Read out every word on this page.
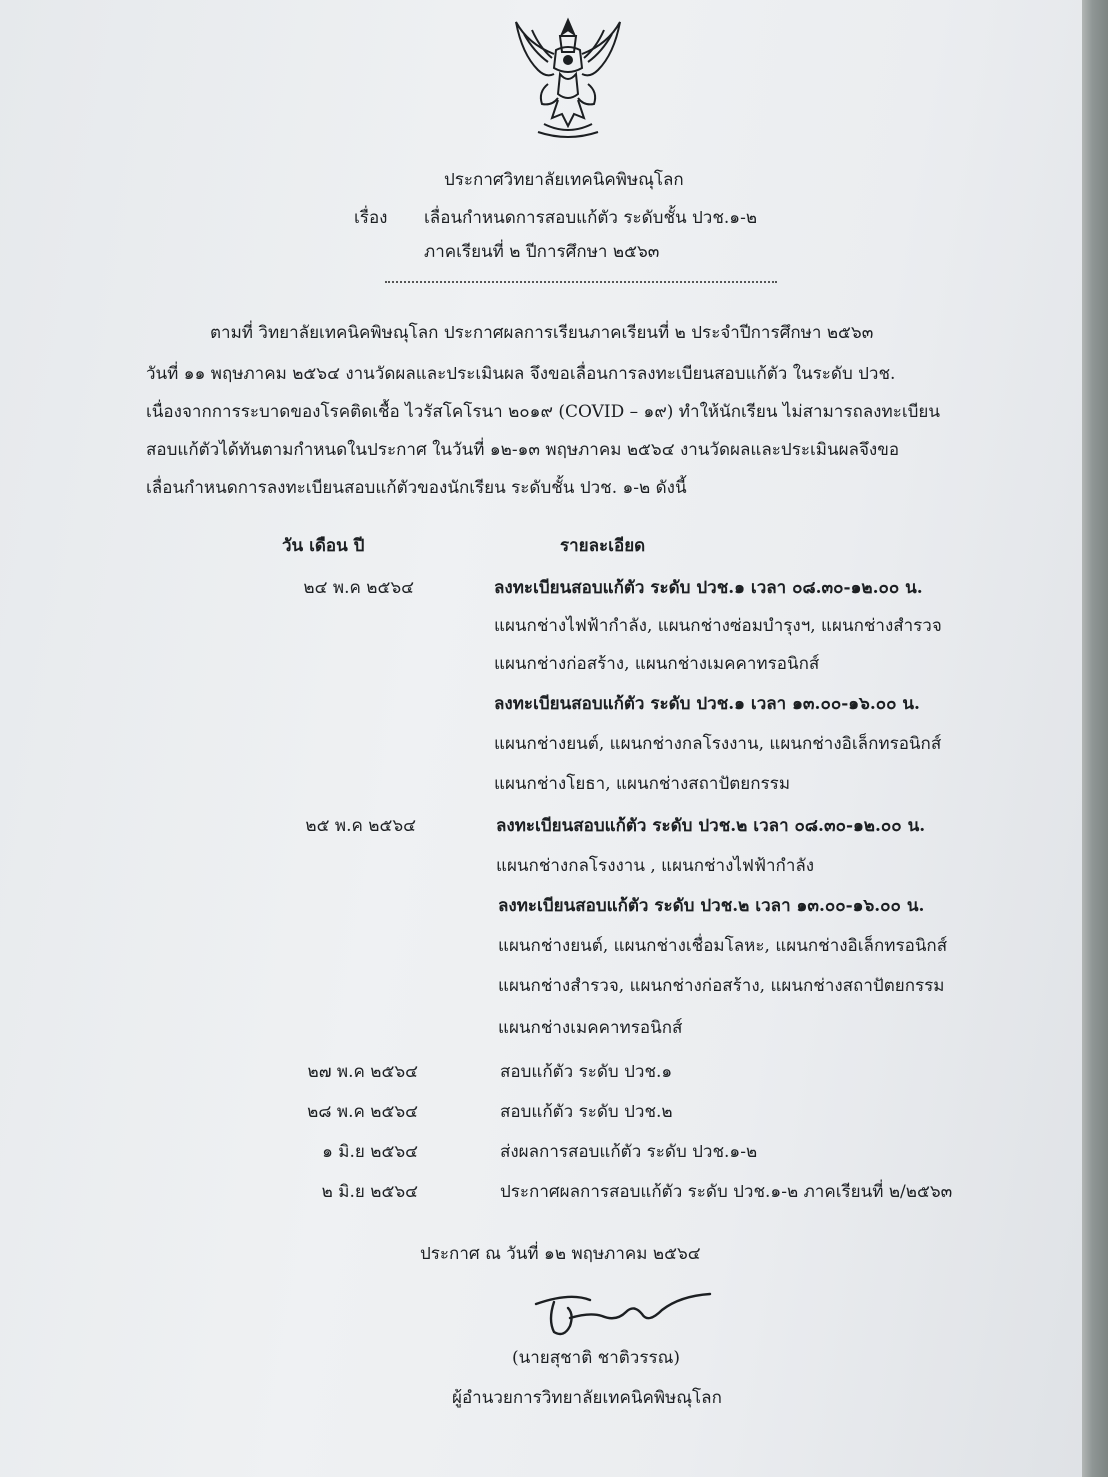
ประกาศวิทยาลัยเทคนิคพิษณุโลก
เรื่อง เลื่อนกำหนดการสอบแก้ตัว ระดับชั้น ปวช.๑-๒
ภาคเรียนที่ ๒ ปีการศึกษา ๒๕๖๓
ตามที่ วิทยาลัยเทคนิคพิษณุโลก ประกาศผลการเรียนภาคเรียนที่ ๒ ประจำปีการศึกษา ๒๕๖๓
วันที่ ๑๑ พฤษภาคม ๒๕๖๔ งานวัดผลและประเมินผล จึงขอเลื่อนการลงทะเบียนสอบแก้ตัว ในระดับ ปวช.
เนื่องจากการระบาดของโรคติดเชื้อ ไวรัสโคโรนา ๒๐๑๙ (COVID – ๑๙) ทำให้นักเรียน ไม่สามารถลงทะเบียน
สอบแก้ตัวได้ทันตามกำหนดในประกาศ ในวันที่ ๑๒-๑๓ พฤษภาคม ๒๕๖๔ งานวัดผลและประเมินผลจึงขอ
เลื่อนกำหนดการลงทะเบียนสอบแก้ตัวของนักเรียน ระดับชั้น ปวช. ๑-๒ ดังนี้
วัน เดือน ปี	รายละเอียด
๒๔ พ.ค ๒๕๖๔	ลงทะเบียนสอบแก้ตัว ระดับ ปวช.๑ เวลา ๐๘.๓๐-๑๒.๐๐ น.
แผนกช่างไฟฟ้ากำลัง, แผนกช่างซ่อมบำรุงฯ, แผนกช่างสำรวจ
แผนกช่างก่อสร้าง, แผนกช่างเมคคาทรอนิกส์
ลงทะเบียนสอบแก้ตัว ระดับ ปวช.๑ เวลา ๑๓.๐๐-๑๖.๐๐ น.
แผนกช่างยนต์, แผนกช่างกลโรงงาน, แผนกช่างอิเล็กทรอนิกส์
แผนกช่างโยธา, แผนกช่างสถาปัตยกรรม
๒๕ พ.ค ๒๕๖๔	ลงทะเบียนสอบแก้ตัว ระดับ ปวช.๒ เวลา ๐๘.๓๐-๑๒.๐๐ น.
แผนกช่างกลโรงงาน , แผนกช่างไฟฟ้ากำลัง
ลงทะเบียนสอบแก้ตัว ระดับ ปวช.๒ เวลา ๑๓.๐๐-๑๖.๐๐ น.
แผนกช่างยนต์, แผนกช่างเชื่อมโลหะ, แผนกช่างอิเล็กทรอนิกส์
แผนกช่างสำรวจ, แผนกช่างก่อสร้าง, แผนกช่างสถาปัตยกรรม
แผนกช่างเมคคาทรอนิกส์
๒๗ พ.ค ๒๕๖๔	สอบแก้ตัว ระดับ ปวช.๑
๒๘ พ.ค ๒๕๖๔	สอบแก้ตัว ระดับ ปวช.๒
๑ มิ.ย ๒๕๖๔	ส่งผลการสอบแก้ตัว ระดับ ปวช.๑-๒
๒ มิ.ย ๒๕๖๔	ประกาศผลการสอบแก้ตัว ระดับ ปวช.๑-๒ ภาคเรียนที่ ๒/๒๕๖๓
ประกาศ ณ วันที่ ๑๒ พฤษภาคม ๒๕๖๔
(นายสุชาติ ชาติวรรณ)
ผู้อำนวยการวิทยาลัยเทคนิคพิษณุโลก
